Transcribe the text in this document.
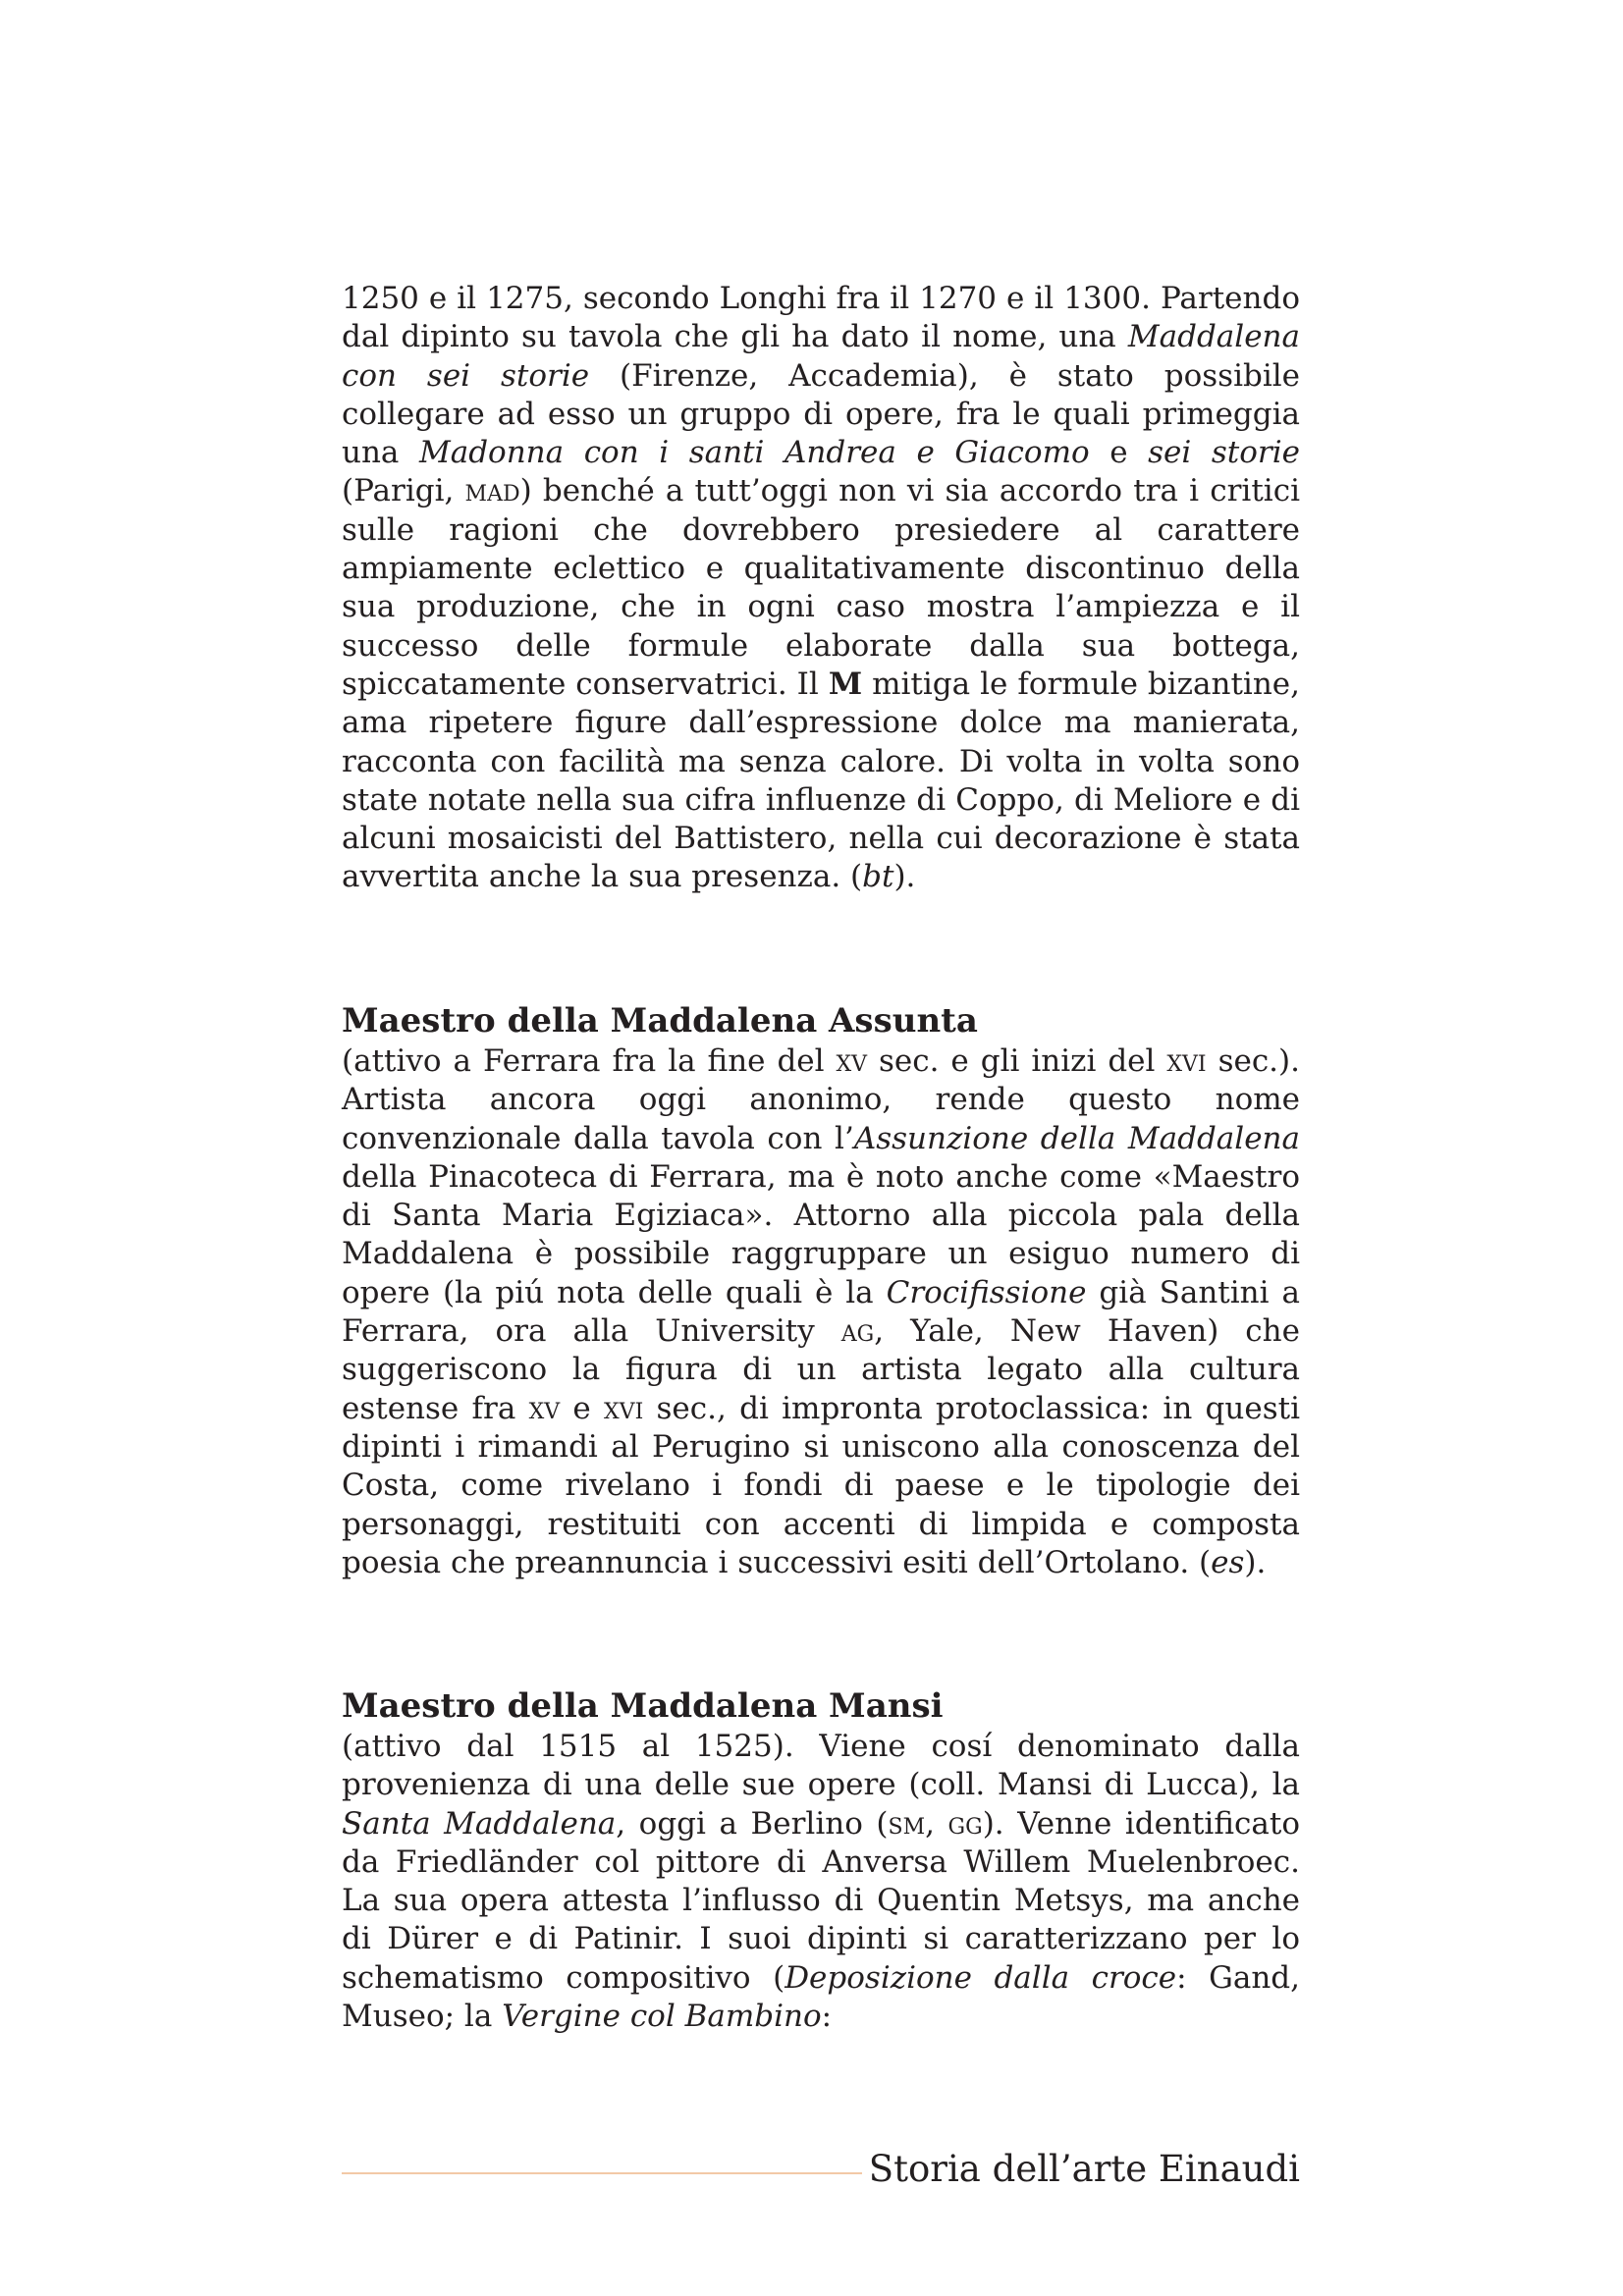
1250 e il 1275, secondo Longhi fra il 1270 e il 1300. Partendo dal dipinto su tavola che gli ha dato il nome, una Maddalena con sei storie (Firenze, Accademia), è stato possibile collegare ad esso un gruppo di opere, fra le quali primeggia una Madonna con i santi Andrea e Giacomo e sei storie (Parigi, mad) benché a tutt’oggi non vi sia accordo tra i critici sulle ragioni che dovrebbero presiedere al carattere ampiamente eclettico e qualitativamente discontinuo della sua produzione, che in ogni caso mostra l’ampiezza e il successo delle formule elaborate dalla sua bottega, spiccatamente conservatrici. Il M mitiga le formule bizantine, ama ripetere figure dall’espressione dolce ma manierata, racconta con facilità ma senza calore. Di volta in volta sono state notate nella sua cifra influenze di Coppo, di Meliore e di alcuni mosaicisti del Battistero, nella cui decorazione è stata avvertita anche la sua presenza. (bt).

Maestro della Maddalena Assunta

(attivo a Ferrara fra la fine del xv sec. e gli inizi del xvi sec.). Artista ancora oggi anonimo, rende questo nome convenzionale dalla tavola con l’Assunzione della Maddalena della Pinacoteca di Ferrara, ma è noto anche come «Maestro di Santa Maria Egiziaca». Attorno alla piccola pala della Maddalena è possibile raggruppare un esiguo numero di opere (la piú nota delle quali è la Crocifissione già Santini a Ferrara, ora alla University ag, Yale, New Haven) che suggeriscono la figura di un artista legato alla cultura estense fra xv e xvi sec., di impronta protoclassica: in questi dipinti i rimandi al Perugino si uniscono alla conoscenza del Costa, come rivelano i fondi di paese e le tipologie dei personaggi, restituiti con accenti di limpida e composta poesia che preannuncia i successivi esiti dell’Ortolano. (es).

Maestro della Maddalena Mansi

(attivo dal 1515 al 1525). Viene cosí denominato dalla provenienza di una delle sue opere (coll. Mansi di Lucca), la Santa Maddalena, oggi a Berlino (sm, gg). Venne identificato da Friedländer col pittore di Anversa Willem Muelenbroec. La sua opera attesta l’influsso di Quentin Metsys, ma anche di Dürer e di Patinir. I suoi dipinti si caratterizzano per lo schematismo compositivo (Deposizione dalla croce: Gand, Museo; la Vergine col Bambino:

Storia dell’arte Einaudi
